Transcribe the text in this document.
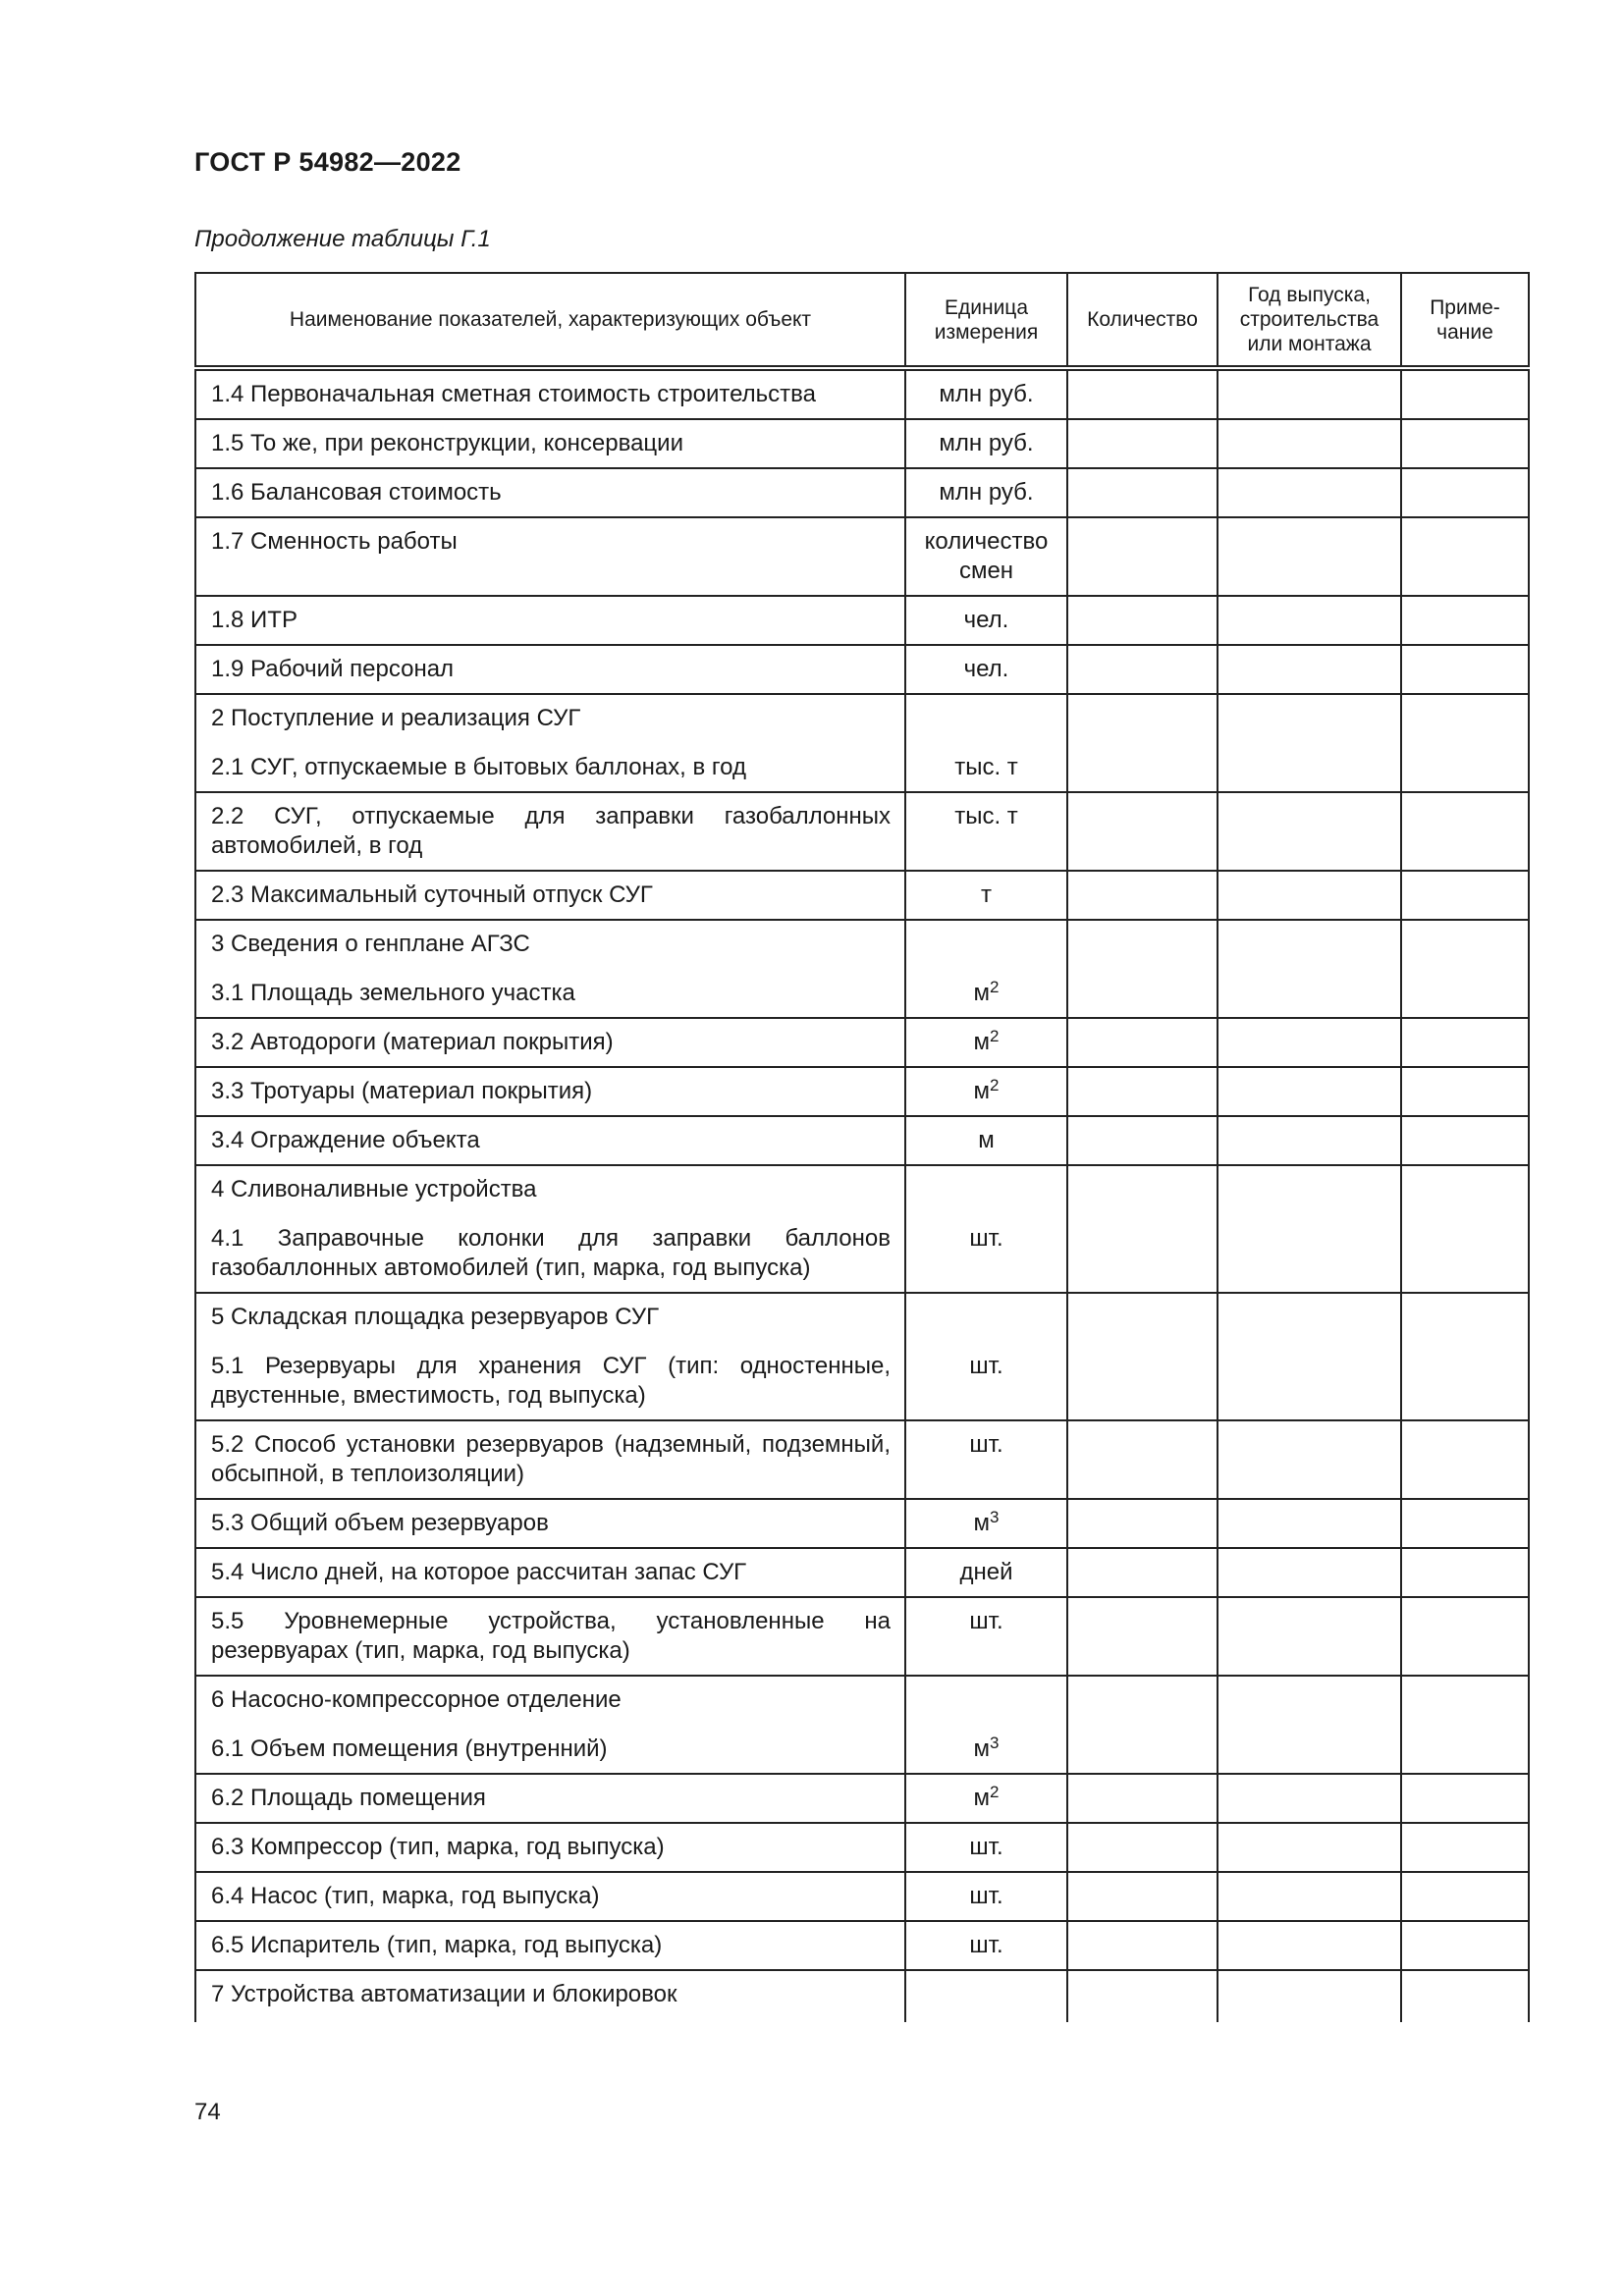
ГОСТ Р 54982—2022
Продолжение таблицы Г.1
Наименование показателей, характеризующих объект	Единица измерения	Количество	Год выпуска, строительства или монтажа	Приме-чание

1.4 Первоначальная сметная стоимость строительства	млн руб.			

1.5 То же, при реконструкции, консервации	млн руб.			

1.6 Балансовая стоимость	млн руб.			

1.7 Сменность работы	количество
смен			

1.8 ИТР	чел.			

1.9 Рабочий персонал	чел.			

2 Поступление и реализация СУГ
2.1 СУГ, отпускаемые в бытовых баллонах, в год	тыс. т			

2.2 СУГ, отпускаемые для заправки газобаллонных автомобилей, в год	тыс. т			

2.3 Максимальный суточный отпуск СУГ	т			

3 Сведения о генплане АГЗС
3.1 Площадь земельного участка	$м^2$

3.2 Автодороги (материал покрытия)	$м^2$

3.3 Тротуары (материал покрытия)	$м^2$

3.4 Ограждение объекта	м			

4 Сливоналивные устройства
4.1 Заправочные колонки для заправки баллонов газобаллонных автомобилей (тип, марка, год выпуска)	шт.			

5 Складская площадка резервуаров СУГ
5.1 Резервуары для хранения СУГ (тип: одностенные, двустенные, вместимость, год выпуска)	шт.			

5.2 Способ установки резервуаров (надземный, подземный, обсыпной, в теплоизоляции)	шт.			

5.3 Общий объем резервуаров	$м^3$

5.4 Число дней, на которое рассчитан запас СУГ	дней			

5.5 Уровнемерные устройства, установленные на резервуарах (тип, марка, год выпуска)	шт.			

6 Насосно-компрессорное отделение
6.1 Объем помещения (внутренний)	$м^3$

6.2 Площадь помещения	$м^2$

6.3 Компрессор (тип, марка, год выпуска)	шт.			

6.4 Насос (тип, марка, год выпуска)	шт.			

6.5 Испаритель (тип, марка, год выпуска)	шт.			

7 Устройства автоматизации и блокировок				

74
